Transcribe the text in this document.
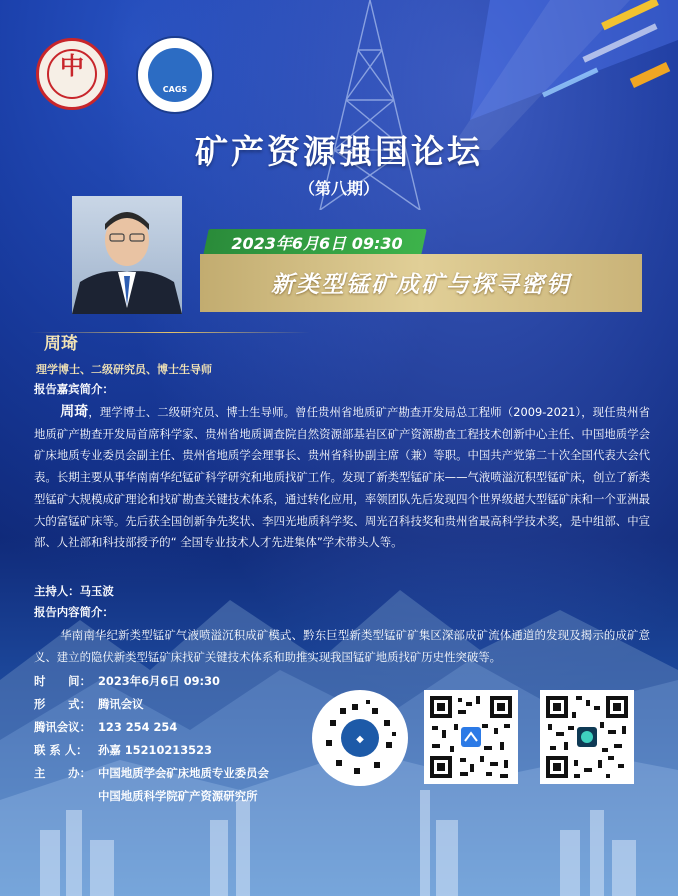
中
CAGS
矿产资源强国论坛
（第八期）
2023年6月6日 09:30
新类型锰矿成矿与探寻密钥
周琦
理学博士、二级研究员、博士生导师
报告嘉宾简介：
周琦，理学博士、二级研究员、博士生导师。曾任贵州省地质矿产勘查开发局总工程师（2009-2021），现任贵州省地质矿产勘查开发局首席科学家、贵州省地质调查院自然资源部基岩区矿产资源勘查工程技术创新中心主任、中国地质学会矿床地质专业委员会副主任、贵州省地质学会理事长、贵州省科协副主席（兼）等职。中国共产党第二十次全国代表大会代表。长期主要从事华南南华纪锰矿科学研究和地质找矿工作。发现了新类型锰矿床——气液喷溢沉积型锰矿床，创立了新类型锰矿大规模成矿理论和找矿勘查关键技术体系，通过转化应用，率领团队先后发现四个世界级超大型锰矿床和一个亚洲最大的富锰矿床等。先后获全国创新争先奖状、李四光地质科学奖、周光召科技奖和贵州省最高科学技术奖，是中组部、中宣部、人社部和科技部授予的“ 全国专业技术人才先进集体”学术带头人等。
主持人：马玉波
报告内容简介：
华南南华纪新类型锰矿气液喷溢沉积成矿模式、黔东巨型新类型锰矿矿集区深部成矿流体通道的发现及揭示的成矿意义、建立的隐伏新类型锰矿床找矿关键技术体系和助推实现我国锰矿地质找矿历史性突破等。
时　　间： 2023年6月6日 09:30
形　　式： 腾讯会议
腾讯会议： 123 254 254
联 系 人： 孙嘉 15210213523
主　　办： 中国地质学会矿床地质专业委员会
中国地质科学院矿产资源研究所
◆
